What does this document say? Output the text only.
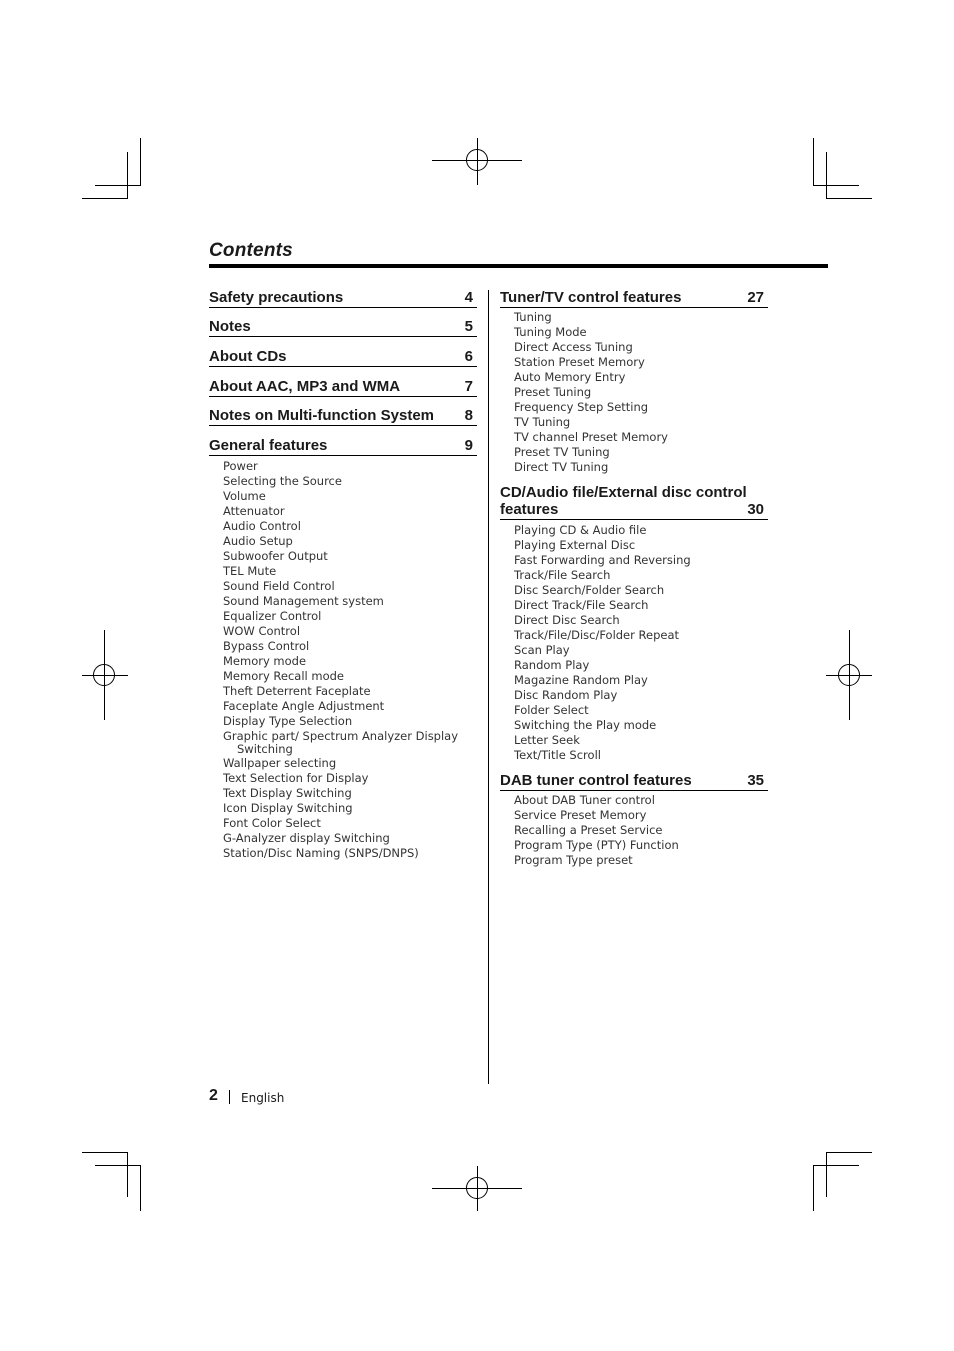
Contents
Safety precautions	4
Notes	5
About CDs	6
About AAC, MP3 and WMA	7
Notes on Multi-function System 8
General features	9
Power
Selecting the Source
Volume
Attenuator
Audio Control
Audio Setup
Subwoofer Output
TEL Mute
Sound Field Control
Sound Management system
Equalizer Control
WOW Control
Bypass Control
Memory mode
Memory Recall mode
Theft Deterrent Faceplate
Faceplate Angle Adjustment
Display Type Selection
Graphic part/ Spectrum Analyzer Display
Switching
Wallpaper selecting
Text Selection for Display
Text Display Switching
Icon Display Switching
Font Color Select
G-Analyzer display Switching
Station/Disc Naming (SNPS/DNPS)
Tuner/TV control features	27
Tuning
Tuning Mode
Direct Access Tuning
Station Preset Memory
Auto Memory Entry
Preset Tuning
Frequency Step Setting
TV Tuning
TV channel Preset Memory
Preset TV Tuning
Direct TV Tuning
CD/Audio file/External disc control
features	30
Playing CD & Audio file
Playing External Disc
Fast Forwarding and Reversing
Track/File Search
Disc Search/Folder Search
Direct Track/File Search
Direct Disc Search
Track/File/Disc/Folder Repeat
Scan Play
Random Play
Magazine Random Play
Disc Random Play
Folder Select
Switching the Play mode
Letter Seek
Text/Title Scroll
DAB tuner control features	35
About DAB Tuner control
Service Preset Memory
Recalling a Preset Service
Program Type (PTY) Function
Program Type preset
2 English
